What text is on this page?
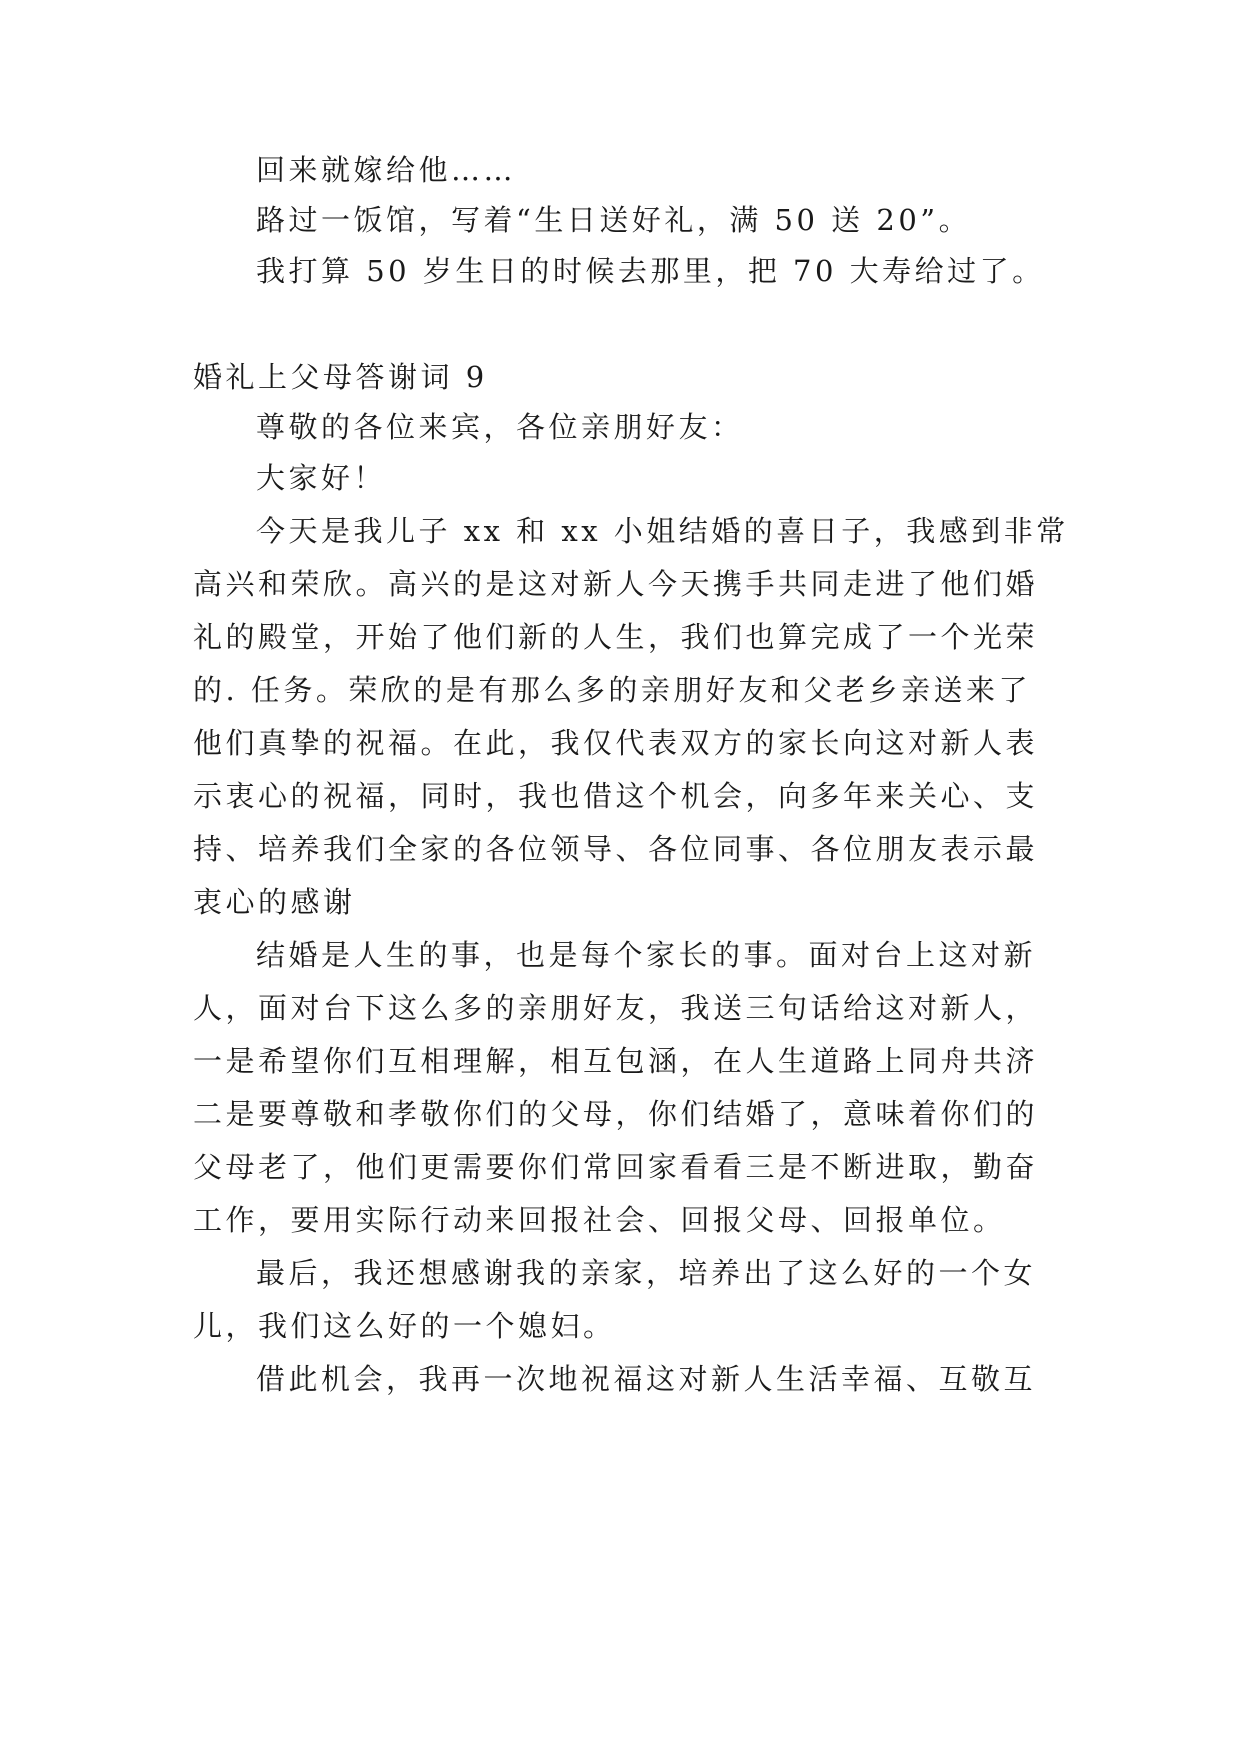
回来就嫁给他……
路过一饭馆，写着“生日送好礼，满 50 送 20”。
我打算 50 岁生日的时候去那里，把 70 大寿给过了。
婚礼上父母答谢词 9
尊敬的各位来宾，各位亲朋好友：
大家好！
今天是我儿子 xx 和 xx 小姐结婚的喜日子，我感到非常
高兴和荣欣。高兴的是这对新人今天携手共同走进了他们婚
礼的殿堂，开始了他们新的人生，我们也算完成了一个光荣
的. 任务。荣欣的是有那么多的亲朋好友和父老乡亲送来了
他们真挚的祝福。在此，我仅代表双方的家长向这对新人表
示衷心的祝福，同时，我也借这个机会，向多年来关心、支
持、培养我们全家的各位领导、各位同事、各位朋友表示最
衷心的感谢
结婚是人生的事，也是每个家长的事。面对台上这对新
人，面对台下这么多的亲朋好友，我送三句话给这对新人，
一是希望你们互相理解，相互包涵，在人生道路上同舟共济
二是要尊敬和孝敬你们的父母，你们结婚了，意味着你们的
父母老了，他们更需要你们常回家看看三是不断进取，勤奋
工作，要用实际行动来回报社会、回报父母、回报单位。
最后，我还想感谢我的亲家，培养出了这么好的一个女
儿，我们这么好的一个媳妇。
借此机会，我再一次地祝福这对新人生活幸福、互敬互
